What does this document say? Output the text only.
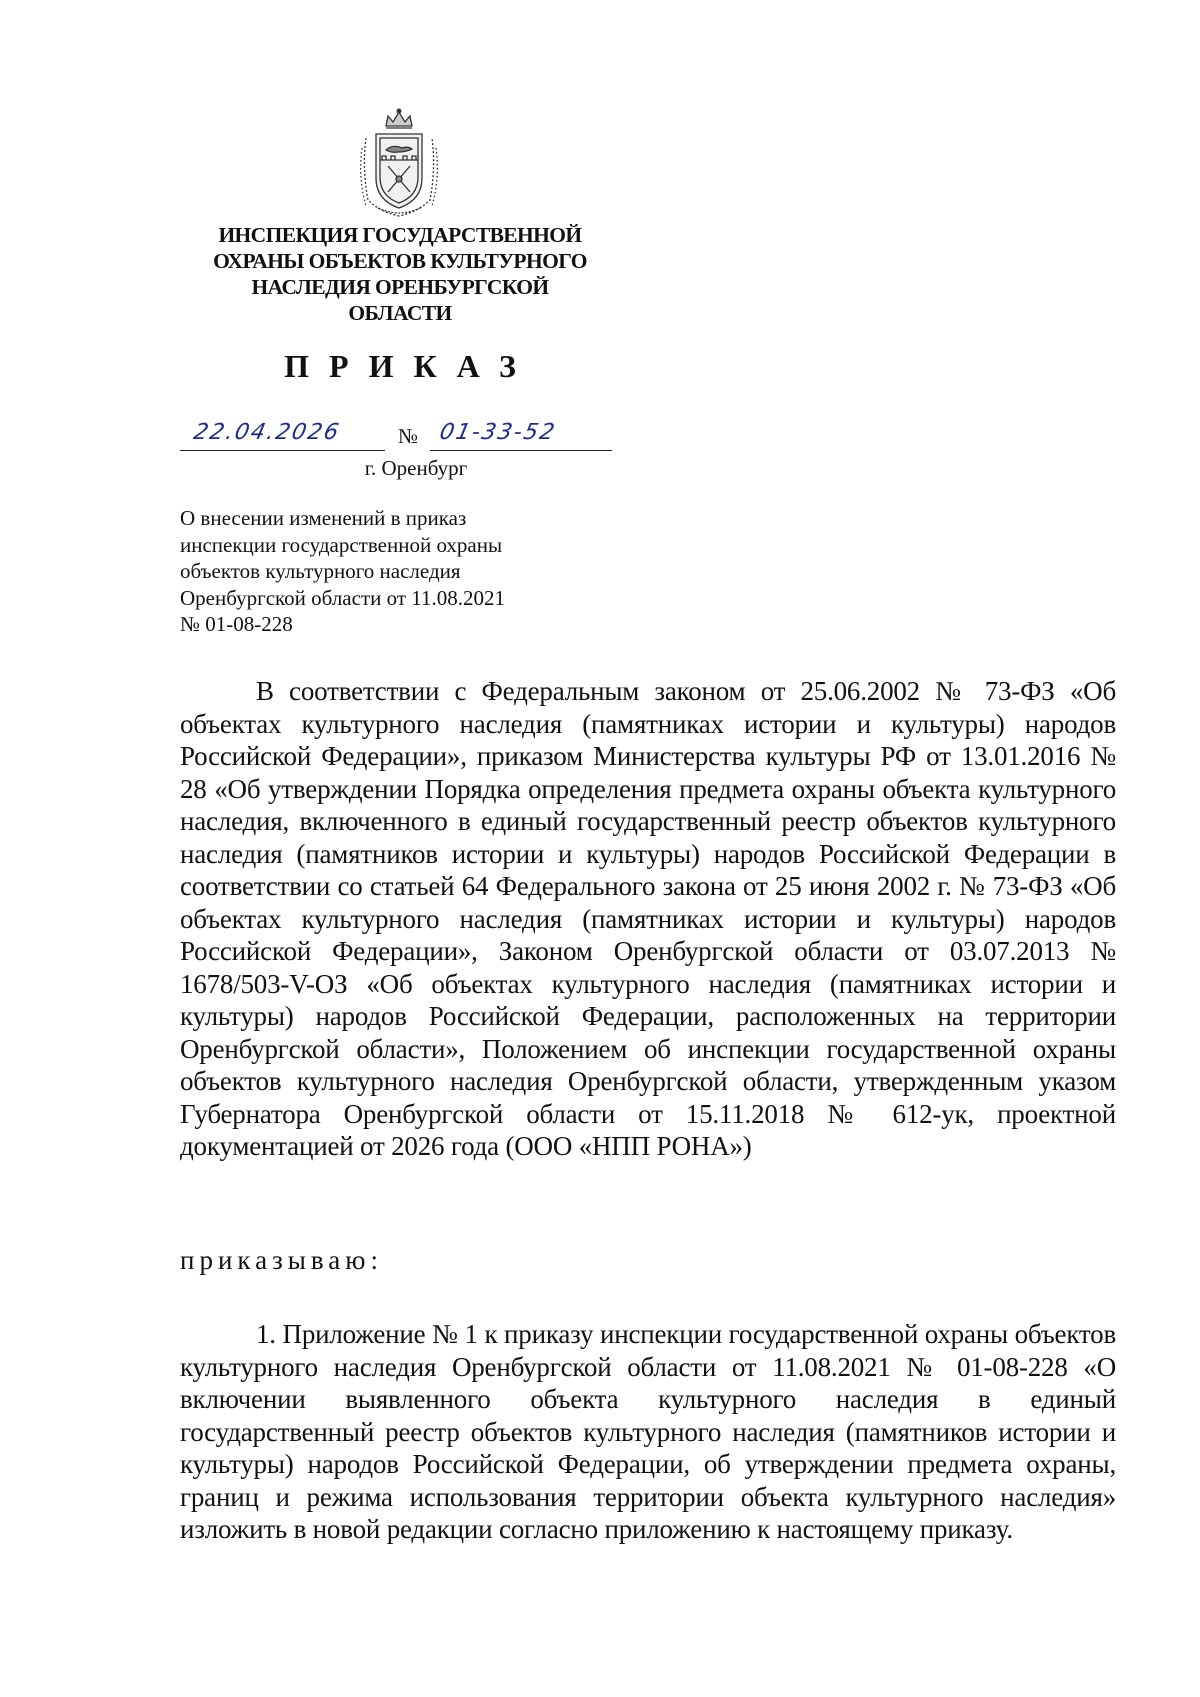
ИНСПЕКЦИЯ ГОСУДАРСТВЕННОЙ
ОХРАНЫ ОБЪЕКТОВ КУЛЬТУРНОГО
НАСЛЕДИЯ ОРЕНБУРГСКОЙ
ОБЛАСТИ
ПРИКАЗ
22.04.2026	№ 01-33-52
г. Оренбург
О внесении изменений в приказ
инспекции государственной охраны
объектов культурного наследия
Оренбургской области от 11.08.2021
№ 01-08-228
В соответствии с Федеральным законом от 25.06.2002 № 73-ФЗ «Об объектах культурного наследия (памятниках истории и культуры) народов Российской Федерации», приказом Министерства культуры РФ от 13.01.2016 № 28 «Об утверждении Порядка определения предмета охраны объекта культурного наследия, включенного в единый государственный реестр объектов культурного наследия (памятников истории и культуры) народов Российской Федерации в соответствии со статьей 64 Федерального закона от 25 июня 2002 г. № 73-ФЗ «Об объектах культурного наследия (памятниках истории и культуры) народов Российской Федерации», Законом Оренбургской области от 03.07.2013 № 1678/503-V-ОЗ «Об объектах культурного наследия (памятниках истории и культуры) народов Российской Федерации, расположенных на территории Оренбургской области», Положением об инспекции государственной охраны объектов культурного наследия Оренбургской области, утвержденным указом Губернатора Оренбургской области от 15.11.2018 № 612-ук, проектной документацией от 2026 года (ООО «НПП РОНА»)
приказываю:
1. Приложение № 1 к приказу инспекции государственной охраны объектов культурного наследия Оренбургской области от 11.08.2021 № 01-08-228 «О включении выявленного объекта культурного наследия в единый государственный реестр объектов культурного наследия (памятников истории и культуры) народов Российской Федерации, об утверждении предмета охраны, границ и режима использования территории объекта культурного наследия» изложить в новой редакции согласно приложению к настоящему приказу.
